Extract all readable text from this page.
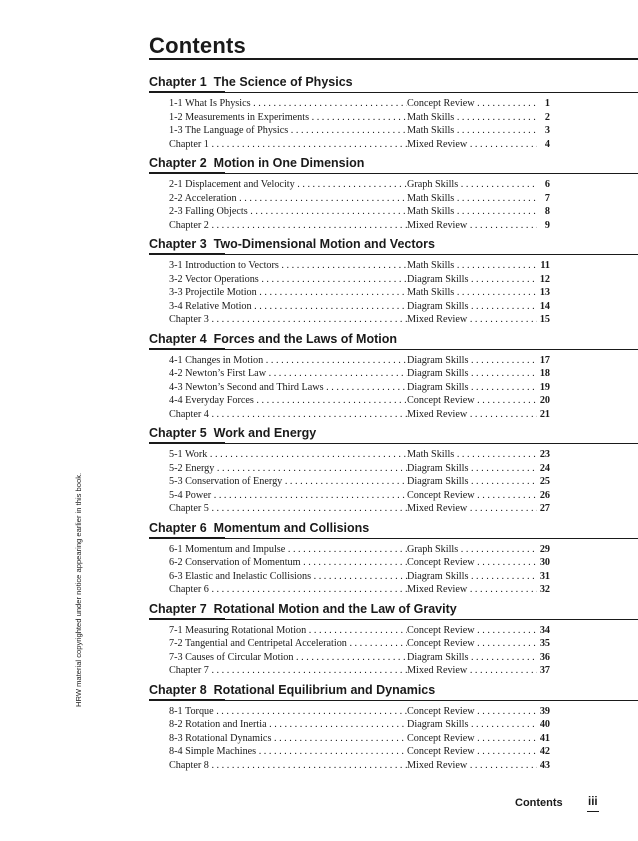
Contents
Chapter 1 The Science of Physics
1-1 What Is Physics . . .	Concept Review . . .	1
1-2 Measurements in Experiments . . .	Math Skills . . .	2
1-3 The Language of Physics . . .	Math Skills . . .	3
Chapter 1 . . .	Mixed Review . . .	4
Chapter 2 Motion in One Dimension
2-1 Displacement and Velocity . . .	Graph Skills . . .	6
2-2 Acceleration . . .	Math Skills . . .	7
2-3 Falling Objects . . .	Math Skills . . .	8
Chapter 2 . . .	Mixed Review . . .	9
Chapter 3 Two-Dimensional Motion and Vectors
3-1 Introduction to Vectors . . .	Math Skills . . .	11
3-2 Vector Operations . . .	Diagram Skills . . .	12
3-3 Projectile Motion . . .	Math Skills . . .	13
3-4 Relative Motion . . .	Diagram Skills . . .	14
Chapter 3 . . .	Mixed Review . . .	15
Chapter 4 Forces and the Laws of Motion
4-1 Changes in Motion . . .	Diagram Skills . . .	17
4-2 Newton’s First Law . . .	Diagram Skills . . .	18
4-3 Newton’s Second and Third Laws . . .	Diagram Skills . . .	19
4-4 Everyday Forces . . .	Concept Review . . .	20
Chapter 4 . . .	Mixed Review . . .	21
Chapter 5 Work and Energy
5-1 Work . . .	Math Skills . . .	23
5-2 Energy . . .	Diagram Skills . . .	24
5-3 Conservation of Energy . . .	Diagram Skills . . .	25
5-4 Power . . .	Concept Review . . .	26
Chapter 5 . . .	Mixed Review . . .	27
Chapter 6 Momentum and Collisions
6-1 Momentum and Impulse . . .	Graph Skills . . .	29
6-2 Conservation of Momentum . . .	Concept Review . . .	30
6-3 Elastic and Inelastic Collisions . . .	Diagram Skills . . .	31
Chapter 6 . . .	Mixed Review . . .	32
Chapter 7 Rotational Motion and the Law of Gravity
7-1 Measuring Rotational Motion . . .	Concept Review . . .	34
7-2 Tangential and Centripetal Acceleration . . .	Concept Review . . .	35
7-3 Causes of Circular Motion . . .	Diagram Skills . . .	36
Chapter 7 . . .	Mixed Review . . .	37
Chapter 8 Rotational Equilibrium and Dynamics
8-1 Torque . . .	Concept Review . . .	39
8-2 Rotation and Inertia . . .	Diagram Skills . . .	40
8-3 Rotational Dynamics . . .	Concept Review . . .	41
8-4 Simple Machines . . .	Concept Review . . .	42
Chapter 8 . . .	Mixed Review . . .	43
HRW material copyrighted under notice appearing earlier in this book.
Contents iii
